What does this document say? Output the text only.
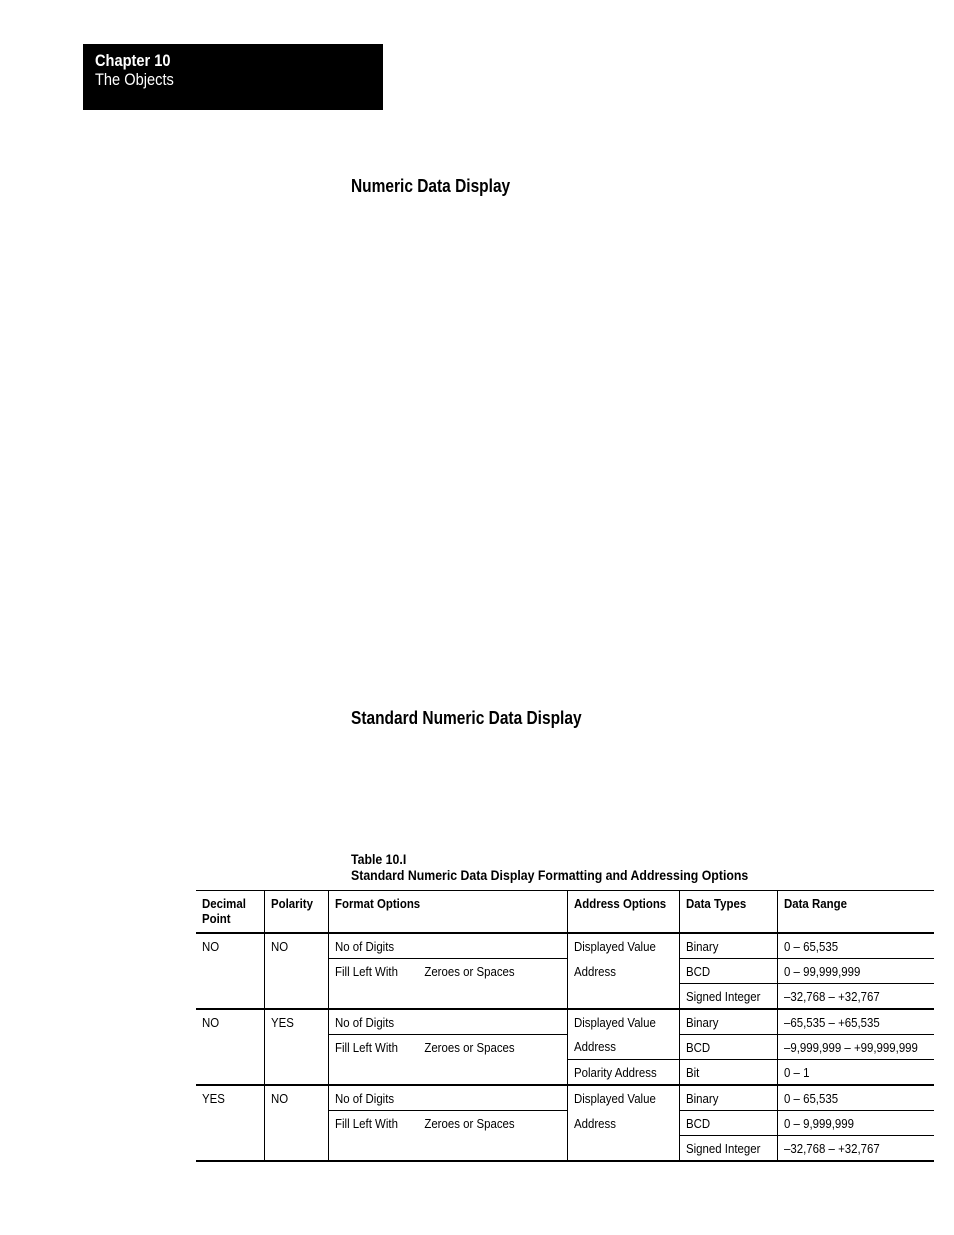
Chapter 10
The Objects
Numeric Data Display
Standard Numeric Data Display
Table 10.I
Standard Numeric Data Display Formatting and Addressing Options
Decimal Point	Polarity	Format Options	Address Options	Data Types	Data Range
NO	NO	No of Digits	Displayed Value	Binary	0 – 65,535
		Fill Left With Zeroes or Spaces	Address	BCD	0 – 99,999,999
				Signed Integer	–32,768 – +32,767
NO	YES	No of Digits	Displayed Value	Binary	–65,535 – +65,535
		Fill Left With Zeroes or Spaces	Address	BCD	–9,999,999 – +99,999,999
			Polarity Address	Bit	0 – 1
YES	NO	No of Digits	Displayed Value	Binary	0 – 65,535
		Fill Left With Zeroes or Spaces	Address	BCD	0 – 9,999,999
				Signed Integer	–32,768 – +32,767
